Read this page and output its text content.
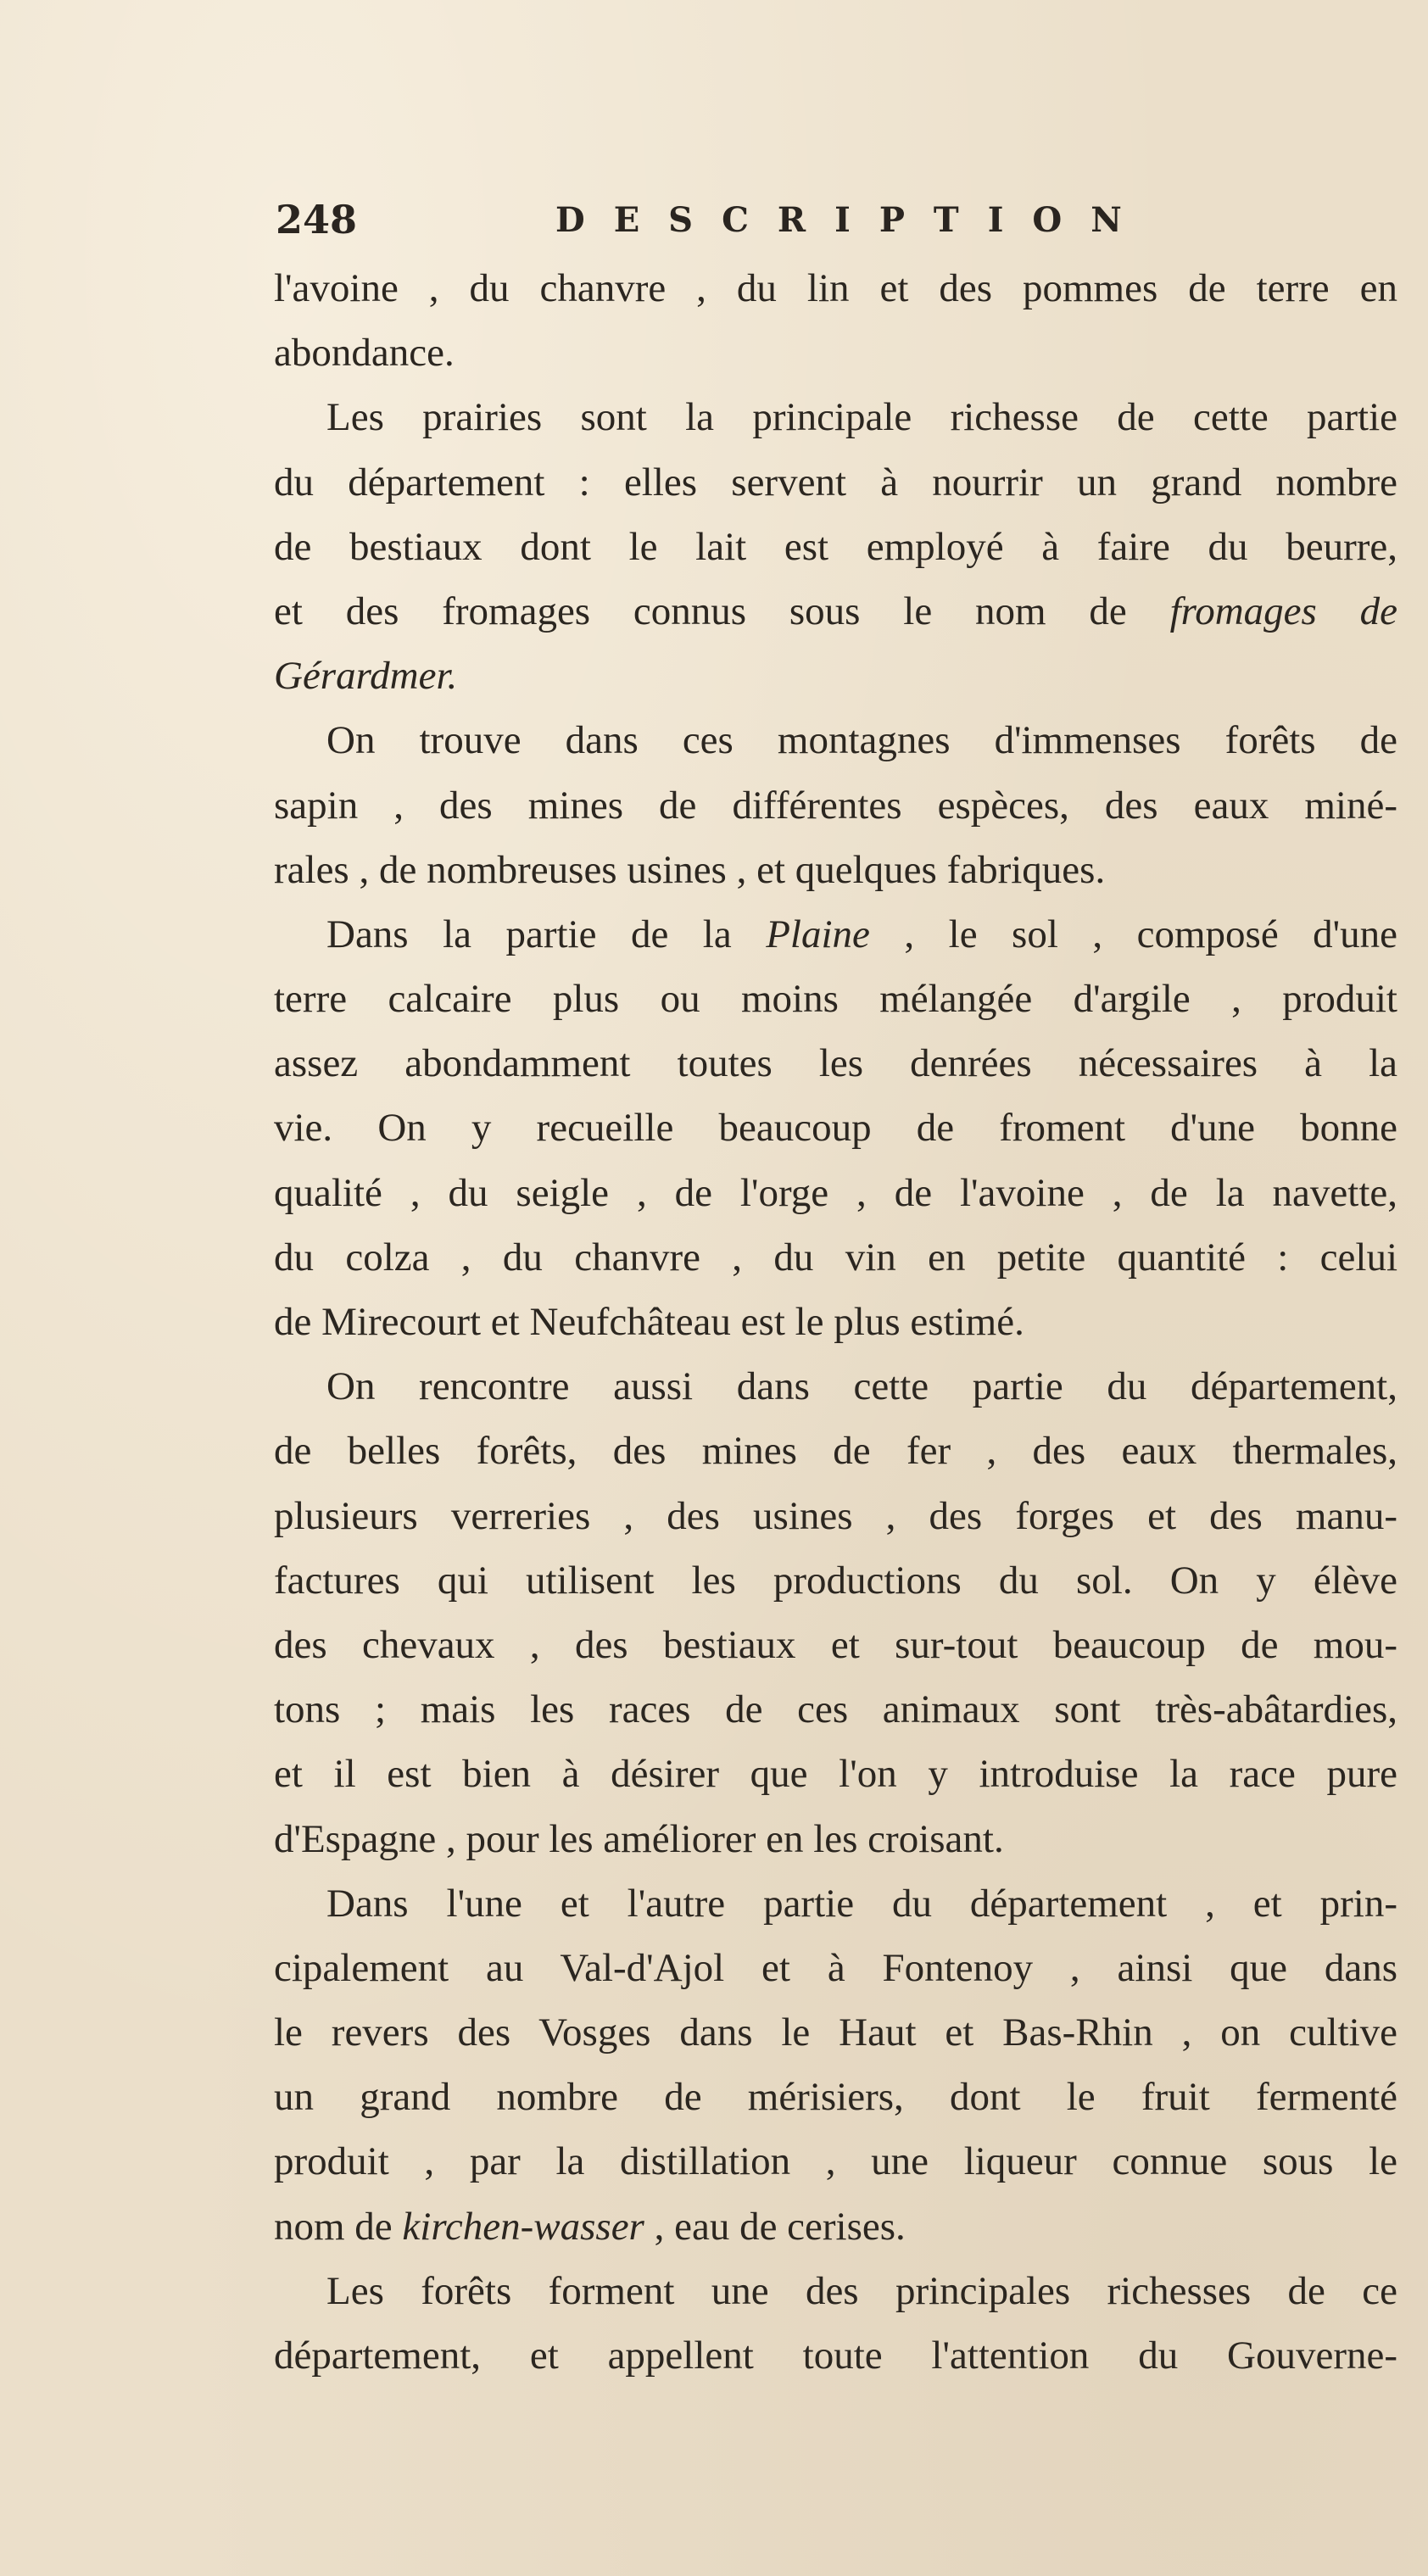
248	DESCRIPTION
l'avoine , du chanvre , du lin et des pommes de terre en
abondance.
Les prairies sont la principale richesse de cette partie
du département : elles servent à nourrir un grand nombre
de bestiaux dont le lait est employé à faire du beurre,
et des fromages connus sous le nom de fromages de
Gérardmer.
On trouve dans ces montagnes d'immenses forêts de
sapin , des mines de différentes espèces, des eaux miné-
rales , de nombreuses usines , et quelques fabriques.
Dans la partie de la Plaine , le sol , composé d'une
terre calcaire plus ou moins mélangée d'argile , produit
assez abondamment toutes les denrées nécessaires à la
vie. On y recueille beaucoup de froment d'une bonne
qualité , du seigle , de l'orge , de l'avoine , de la navette,
du colza , du chanvre , du vin en petite quantité : celui
de Mirecourt et Neufchâteau est le plus estimé.
On rencontre aussi dans cette partie du département,
de belles forêts, des mines de fer , des eaux thermales,
plusieurs verreries , des usines , des forges et des manu-
factures qui utilisent les productions du sol. On y élève
des chevaux , des bestiaux et sur-tout beaucoup de mou-
tons ; mais les races de ces animaux sont très-abâtardies,
et il est bien à désirer que l'on y introduise la race pure
d'Espagne , pour les améliorer en les croisant.
Dans l'une et l'autre partie du département , et prin-
cipalement au Val-d'Ajol et à Fontenoy , ainsi que dans
le revers des Vosges dans le Haut et Bas-Rhin , on cultive
un grand nombre de mérisiers, dont le fruit fermenté
produit , par la distillation , une liqueur connue sous le
nom de kirchen-wasser , eau de cerises.
Les forêts forment une des principales richesses de ce
département, et appellent toute l'attention du Gouverne-
